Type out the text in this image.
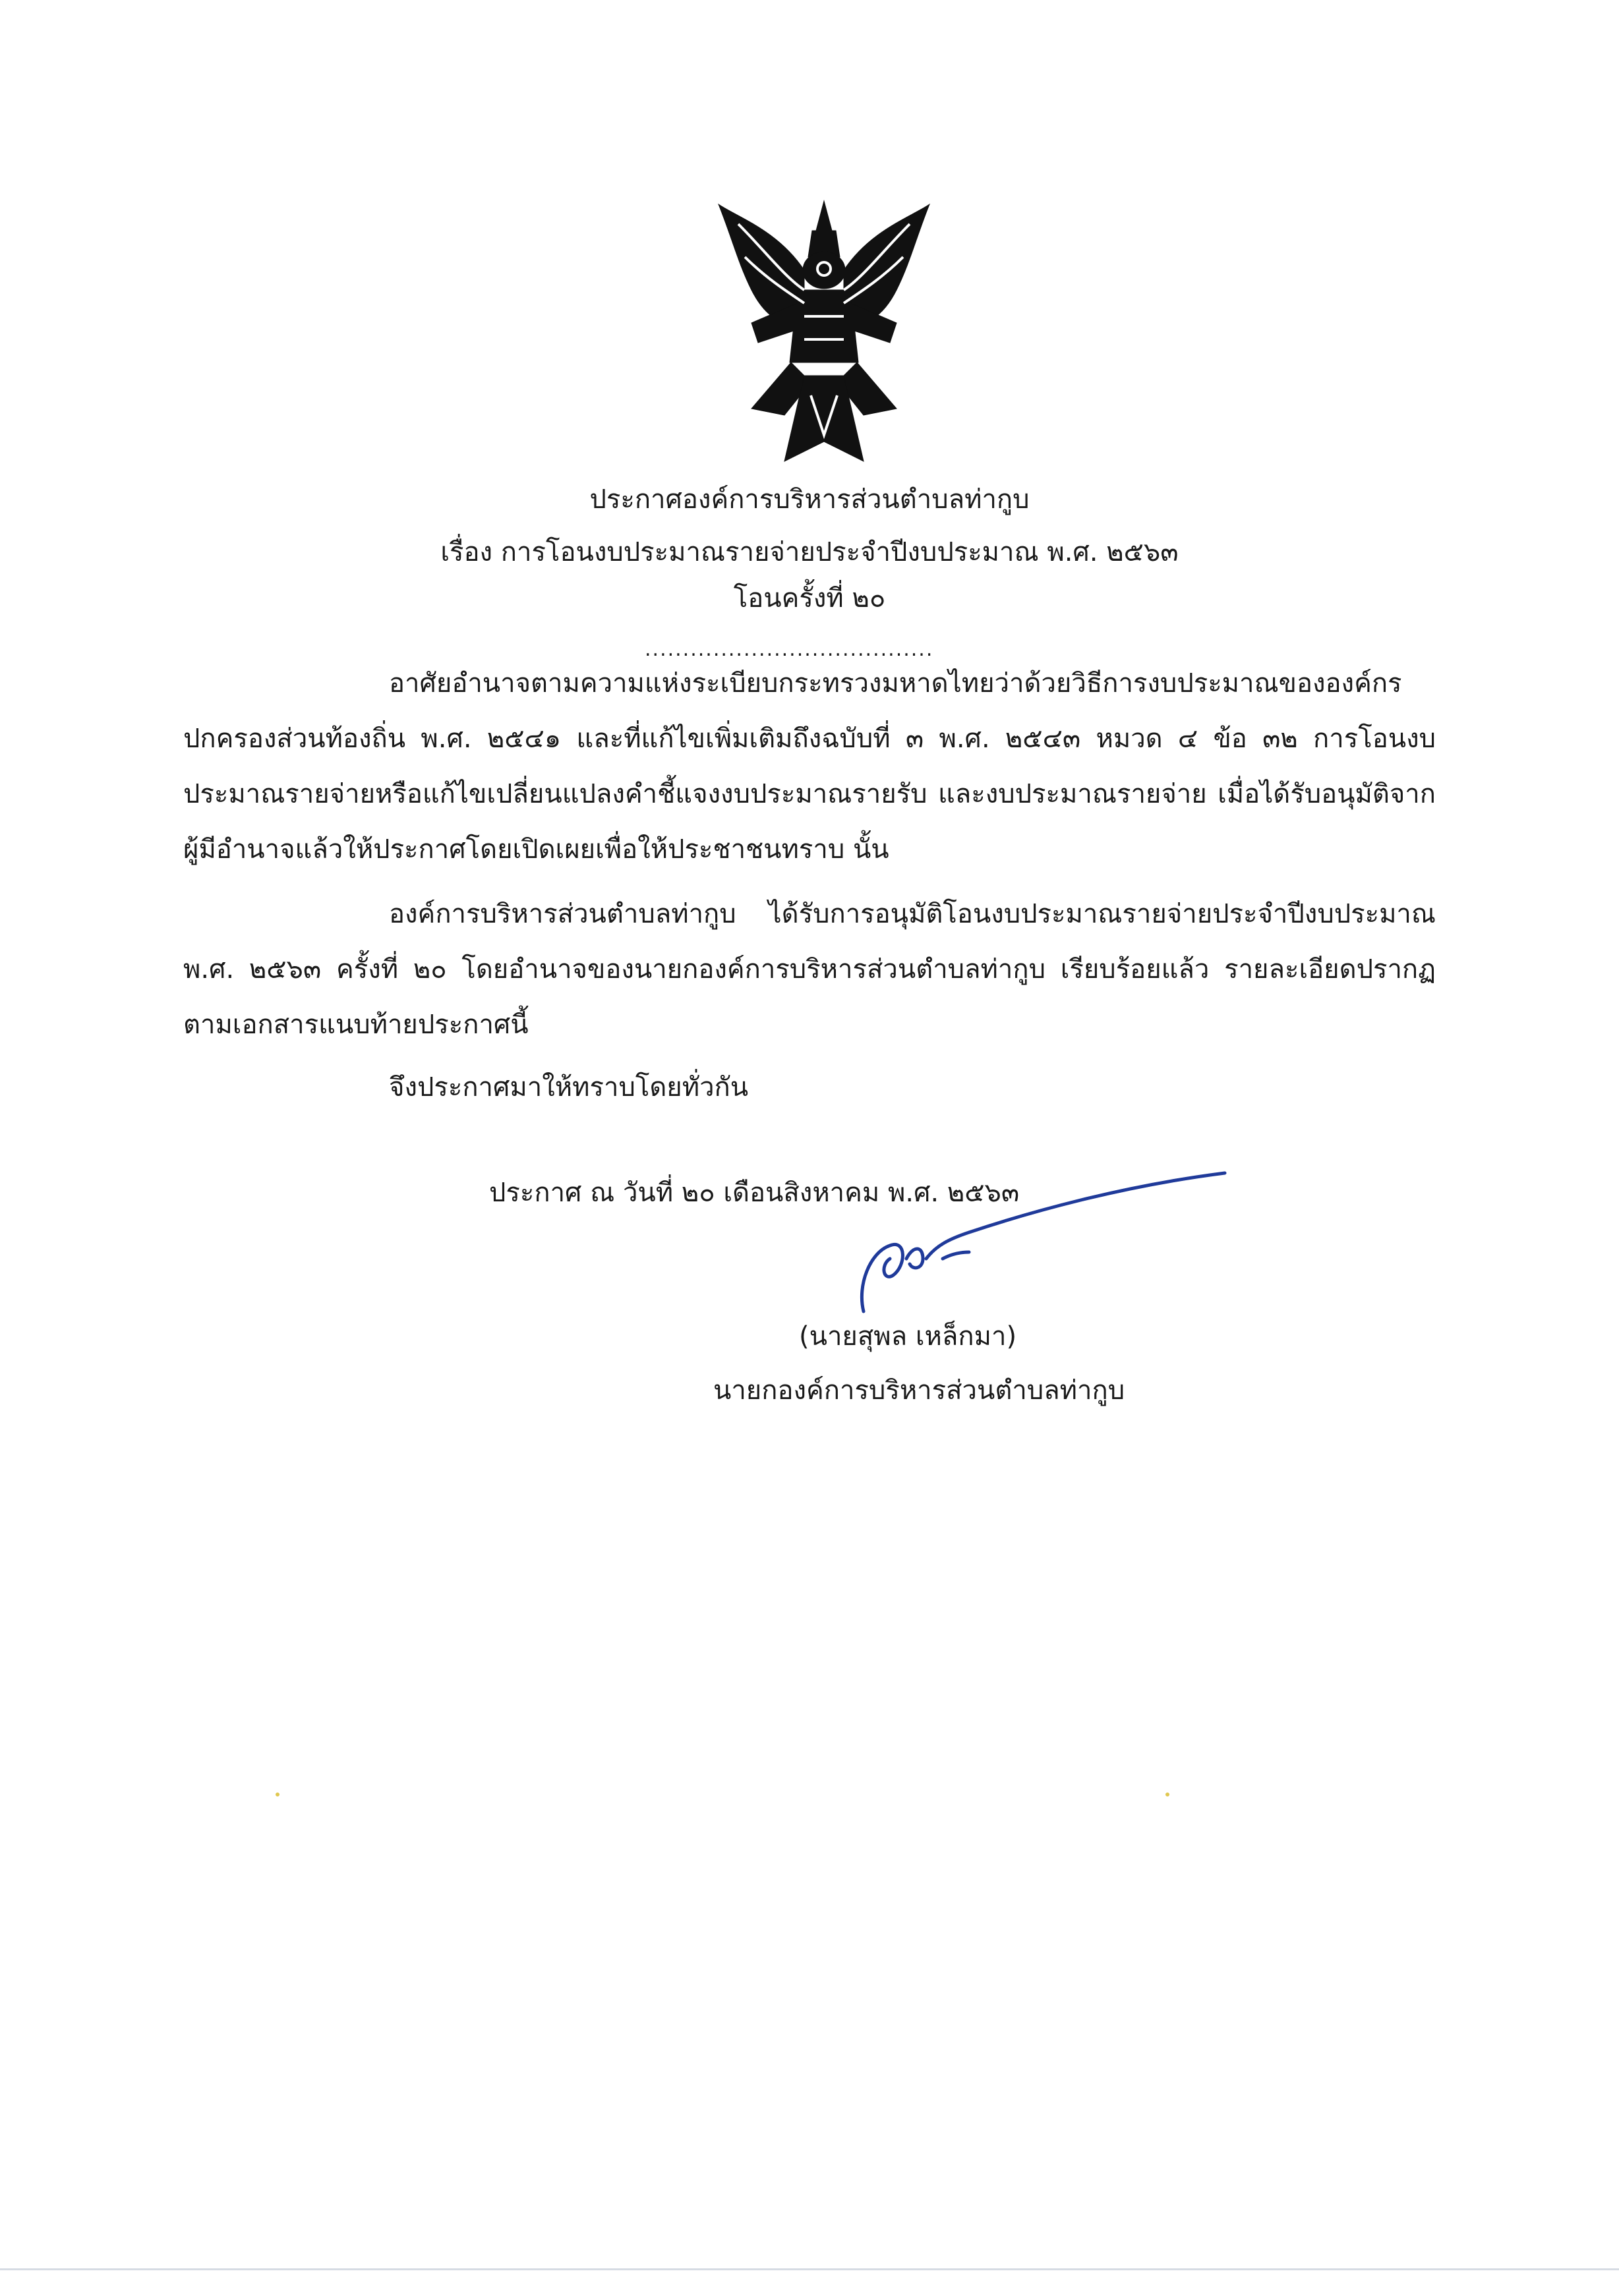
ประกาศองค์การบริหารส่วนตำบลท่ากูบ
เรื่อง การโอนงบประมาณรายจ่ายประจำปีงบประมาณ พ.ศ. ๒๕๖๓
โอนครั้งที่ ๒๐
......................................
อาศัยอำนาจตามความแห่งระเบียบกระทรวงมหาดไทยว่าด้วยวิธีการงบประมาณขององค์กรปกครองส่วนท้องถิ่น พ.ศ. ๒๕๔๑ และที่แก้ไขเพิ่มเติมถึงฉบับที่ ๓ พ.ศ. ๒๕๔๓ หมวด ๔ ข้อ ๓๒ การโอนงบประมาณรายจ่ายหรือแก้ไขเปลี่ยนแปลงคำชี้แจงงบประมาณรายรับ และงบประมาณรายจ่าย เมื่อได้รับอนุมัติจากผู้มีอำนาจแล้วให้ประกาศโดยเปิดเผยเพื่อให้ประชาชนทราบ นั้น
องค์การบริหารส่วนตำบลท่ากูบ ได้รับการอนุมัติโอนงบประมาณรายจ่ายประจำปีงบประมาณ พ.ศ. ๒๕๖๓ ครั้งที่ ๒๐ โดยอำนาจของนายกองค์การบริหารส่วนตำบลท่ากูบ เรียบร้อยแล้ว รายละเอียดปรากฏตามเอกสารแนบท้ายประกาศนี้
จึงประกาศมาให้ทราบโดยทั่วกัน
ประกาศ ณ วันที่ ๒๐ เดือนสิงหาคม พ.ศ. ๒๕๖๓
(นายสุพล เหล็กมา)
นายกองค์การบริหารส่วนตำบลท่ากูบ
